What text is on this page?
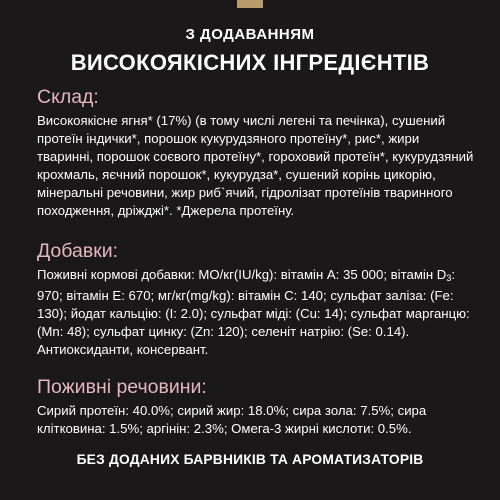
З ДОДАВАННЯМ
ВИСОКОЯКІСНИХ ІНГРЕДІЄНТІВ
Склад:

Високоякісне ягня* (17%) (в тому числі легені та печінка), сушений протеїн індички*, порошок кукурудзяного протеїну*, рис*, жири тваринні, порошок соєвого протеїну*, гороховий протеїн*, кукурудзяний крохмаль, яєчний порошок*, кукурудза*, сушений корінь цикорію, мінеральні речовини, жир риб`ячий, гідролізат протеїнів тваринного походження, дріжджі*. *Джерела протеїну.

Добавки:

Поживні кормові добавки: МО/кг(IU/kg): вітамін А: 35 000; вітамін $D_3$: 970; вітамін Е: 670; мг/кг(mg/kg): вітамін С: 140; сульфат заліза: (Fe: 130); йодат кальцію: (І: 2.0); сульфат міді: (Cu: 14); сульфат марганцю: (Mn: 48); сульфат цинку: (Zn: 120); селеніт натрію: (Se: 0.14). Антиоксиданти, консервант.

Поживні речовини:

Сирий протеїн: 40.0%; сирий жир: 18.0%; сира зола: 7.5%; сира клітковина: 1.5%; аргінін: 2.3%; Омега-3 жирні кислоти: 0.5%.

БЕЗ ДОДАНИХ БАРВНИКІВ ТА АРОМАТИЗАТОРІВ
